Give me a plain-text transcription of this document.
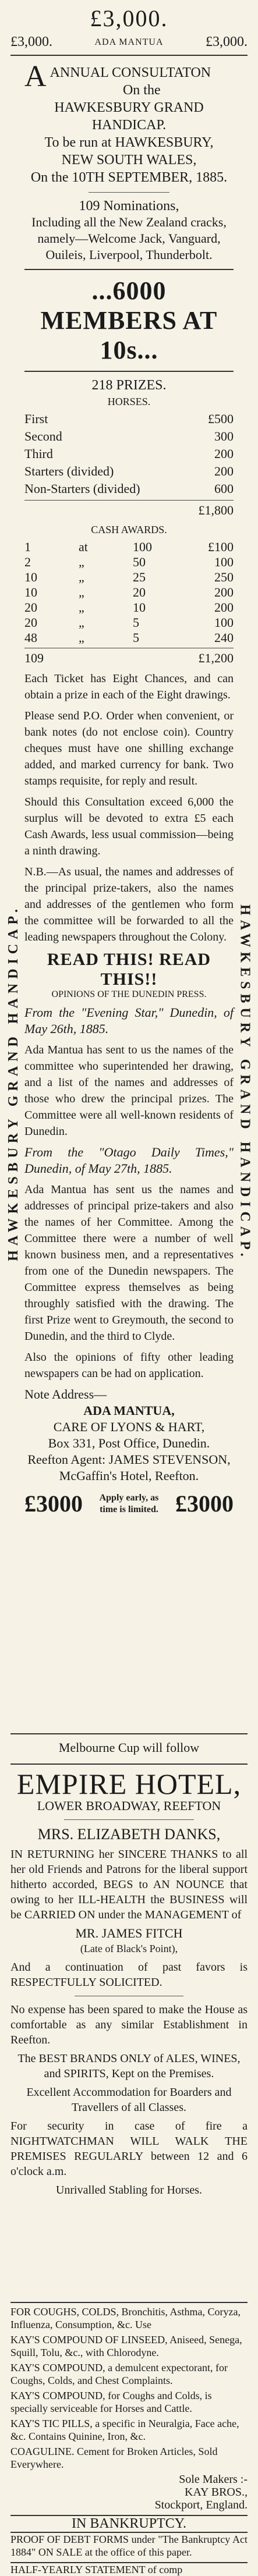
£3,000.
£3,000.	ADA MANTUA	£3,000.
HAWKESBURY GRAND HANDICAP.	HAWKESBURY GRAND HANDICAP.
AANNUAL CONSULTATON
On the
HAWKESBURY GRAND HANDICAP.
To be run at HAWKESBURY,
NEW SOUTH WALES,
On the 10TH SEPTEMBER, 1885.
109 Nominations,
Including all the New Zealand cracks, namely—Welcome Jack, Vanguard, Ouileis, Liverpool, Thunderbolt.
...6000 MEMBERS AT 10s...
218 PRIZES.
HORSES.
First	£500
Second	300
Third	200
Starters (divided)	200
Non-Starters (divided)	600
£1,800
CASH AWARDS.
1	at	100	£100
2	„	50	100
10	„	25	250
10	„	20	200
20	„	10	200
20	„	5	100
48	„	5	240
109	£1,200

Each Ticket has Eight Chances, and can obtain a prize in each of the Eight drawings.

Please send P.O. Order when convenient, or bank notes (do not enclose coin). Country cheques must have one shilling exchange added, and marked currency for bank. Two stamps requisite, for reply and result.

Should this Consultation exceed 6,000 the surplus will be devoted to extra £5 each Cash Awards, less usual commission—being a ninth drawing.

N.B.—As usual, the names and addresses of the principal prize-takers, also the names and addresses of the gentlemen who form the committee will be forwarded to all the leading newspapers throughout the Colony.

READ THIS! READ THIS!!
OPINIONS OF THE DUNEDIN PRESS.

From the "Evening Star," Dunedin, of May 26th, 1885.

Ada Mantua has sent to us the names of the committee who superintended her drawing, and a list of the names and addresses of those who drew the principal prizes. The Committee were all well-known residents of Dunedin.

From the "Otago Daily Times," Dunedin, of May 27th, 1885.

Ada Mantua has sent us the names and addresses of principal prize-takers and also the names of her Committee. Among the Committee there were a number of well known business men, and a representatives from one of the Dunedin newspapers. The Committee express themselves as being throughly satisfied with the drawing. The first Prize went to Greymouth, the second to Dunedin, and the third to Clyde.

Also the opinions of fifty other leading newspapers can be had on application.

Note Address—
ADA MANTUA,
CARE OF LYONS & HART,
Box 331, Post Office, Dunedin.
Reefton Agent: JAMES STEVENSON, McGaffin's Hotel, Reefton.
£3000	Apply early, as time is limited. £3000
Melbourne Cup will follow
EMPIRE HOTEL,
LOWER BROADWAY, REEFTON
MRS. ELIZABETH DANKS,

IN RETURNING her SINCERE THANKS to all her old Friends and Patrons for the liberal support hitherto accorded, BEGS to AN NOUNCE that owing to her ILL-HEALTH the BUSINESS will be CARRIED ON under the MANAGEMENT of

MR. JAMES FITCH
(Late of Black's Point),

And a continuation of past favors is RESPECTFULLY SOLICITED.

No expense has been spared to make the House as comfortable as any similar Establishment in Reefton.

The BEST BRANDS ONLY of ALES, WINES, and SPIRITS, Kept on the Premises.

Excellent Accommodation for Boarders and Travellers of all Classes.

For security in case of fire a NIGHTWATCHMAN WILL WALK THE PREMISES REGULARLY between 12 and 6 o'clock a.m.

Unrivalled Stabling for Horses.

FOR COUGHS, COLDS, Bronchitis, Asthma, Coryza, Influenza, Consumption, &c. Use

KAY'S COMPOUND OF LINSEED, Aniseed, Senega, Squill, Tolu, &c., with Chlorodyne.

KAY'S COMPOUND, a demulcent expectorant, for Coughs, Colds, and Chest Complaints.

KAY'S COMPOUND, for Coughs and Colds, is specially serviceable for Horses and Cattle.

KAY'S TIC PILLS, a specific in Neuralgia, Face ache, &c. Contains Quinine, Iron, &c.

COAGULINE. Cement for Broken Articles, Sold Everywhere.

Sole Makers :-
KAY BROS.,
Stockport, England.
IN BANKRUPTCY.
PROOF OF DEBT FORMS under "The Bankruptcy Act 1884" ON SALE at the office of this paper.
HALF-YEARLY STATEMENT of comp
